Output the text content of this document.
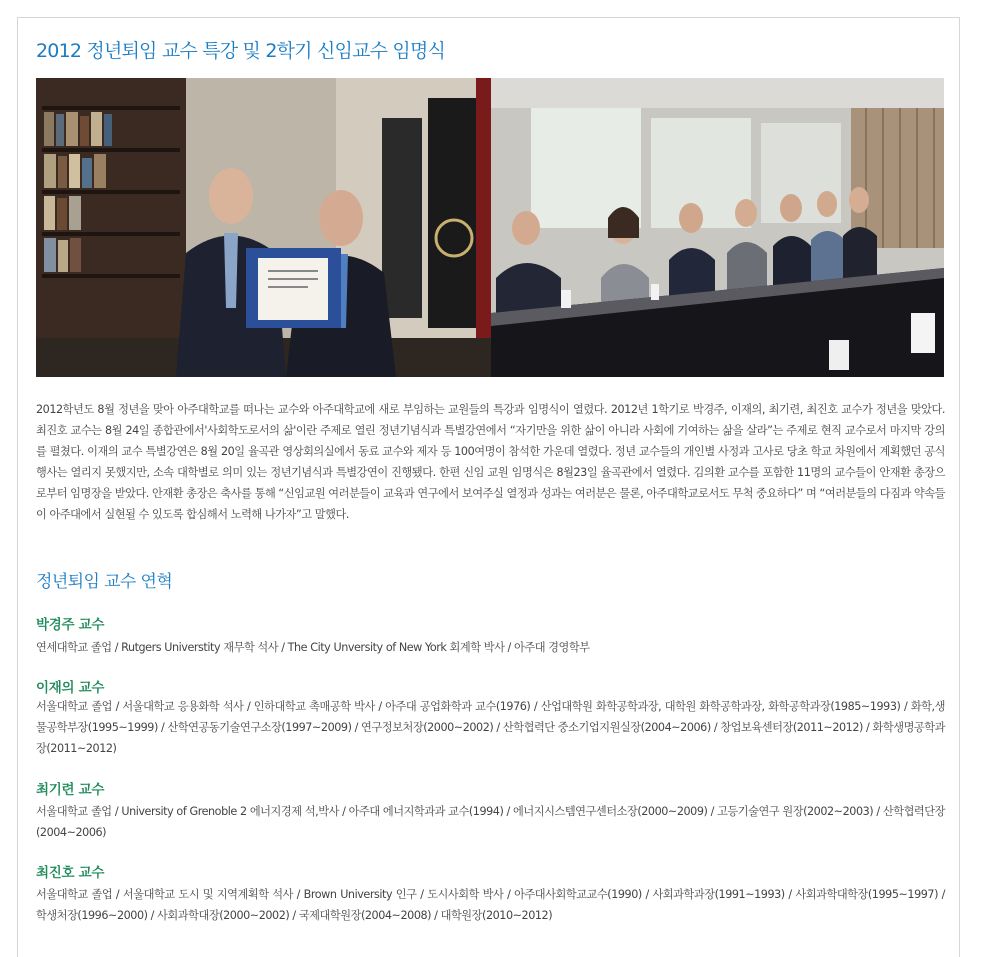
2012 정년퇴임 교수 특강 및 2학기 신임교수 임명식

2012학년도 8월 정년을 맞아 아주대학교를 떠나는 교수와 아주대학교에 새로 부임하는 교원들의 특강과 임명식이 열렸다. 2012년 1학기로 박경주, 이재의, 최기련, 최진호 교수가 정년을 맞았다. 최진호 교수는 8월 24일 종합관에서'사회학도로서의 삶'이란 주제로 열린 정년기념식과 특별강연에서 “자기만을 위한 삶이 아니라 사회에 기여하는 삶을 살라”는 주제로 현직 교수로서 마지막 강의를 펼쳤다. 이재의 교수 특별강연은 8월 20일 율곡관 영상회의실에서 동료 교수와 제자 등 100여명이 참석한 가운데 열렸다. 정년 교수들의 개인별 사정과 고사로 당초 학교 차원에서 계획했던 공식행사는 열리지 못했지만, 소속 대학별로 의미 있는 정년기념식과 특별강연이 진행됐다. 한편 신임 교원 임명식은 8월23일 율곡관에서 열렸다. 김의환 교수를 포함한 11명의 교수들이 안재환 총장으로부터 임명장을 받았다. 안재환 총장은 축사를 통해 “신임교원 여러분들이 교육과 연구에서 보여주실 열정과 성과는 여러분은 물론, 아주대학교로서도 무척 중요하다” 며 “여러분들의 다짐과 약속들이 아주대에서 실현될 수 있도록 합심해서 노력해 나가자”고 말했다.

정년퇴임 교수 연혁
박경주 교수

연세대학교 졸업 / Rutgers Universtity 재무학 석사 / The City Unversity of New York 회계학 박사 / 아주대 경영학부

이재의 교수

서울대학교 졸업 / 서울대학교 응용화학 석사 / 인하대학교 촉매공학 박사 / 아주대 공업화학과 교수(1976) / 산업대학원 화학공학과장, 대학원 화학공학과장, 화학공학과장(1985~1993) / 화학,생물공학부장(1995~1999) / 산학연공동기술연구소장(1997~2009) / 연구정보처장(2000~2002) / 산학협력단 중소기업지원실장(2004~2006) / 창업보육센터장(2011~2012) / 화학생명공학과장(2011~2012)

최기련 교수

서울대학교 졸업 / University of Grenoble 2 에너지경제 석,박사 / 아주대 에너지학과과 교수(1994) / 에너지시스템연구센터소장(2000~2009) / 고등기술연구 원장(2002~2003) / 산학협력단장(2004~2006)

최진호 교수

서울대학교 졸업 / 서울대학교 도시 및 지역계획학 석사 / Brown University 인구 / 도시사회학 박사 / 아주대사회학교교수(1990) / 사회과학과장(1991~1993) / 사회과학대학장(1995~1997) / 학생처장(1996~2000) / 사회과학대장(2000~2002) / 국제대학원장(2004~2008) / 대학원장(2010~2012)
